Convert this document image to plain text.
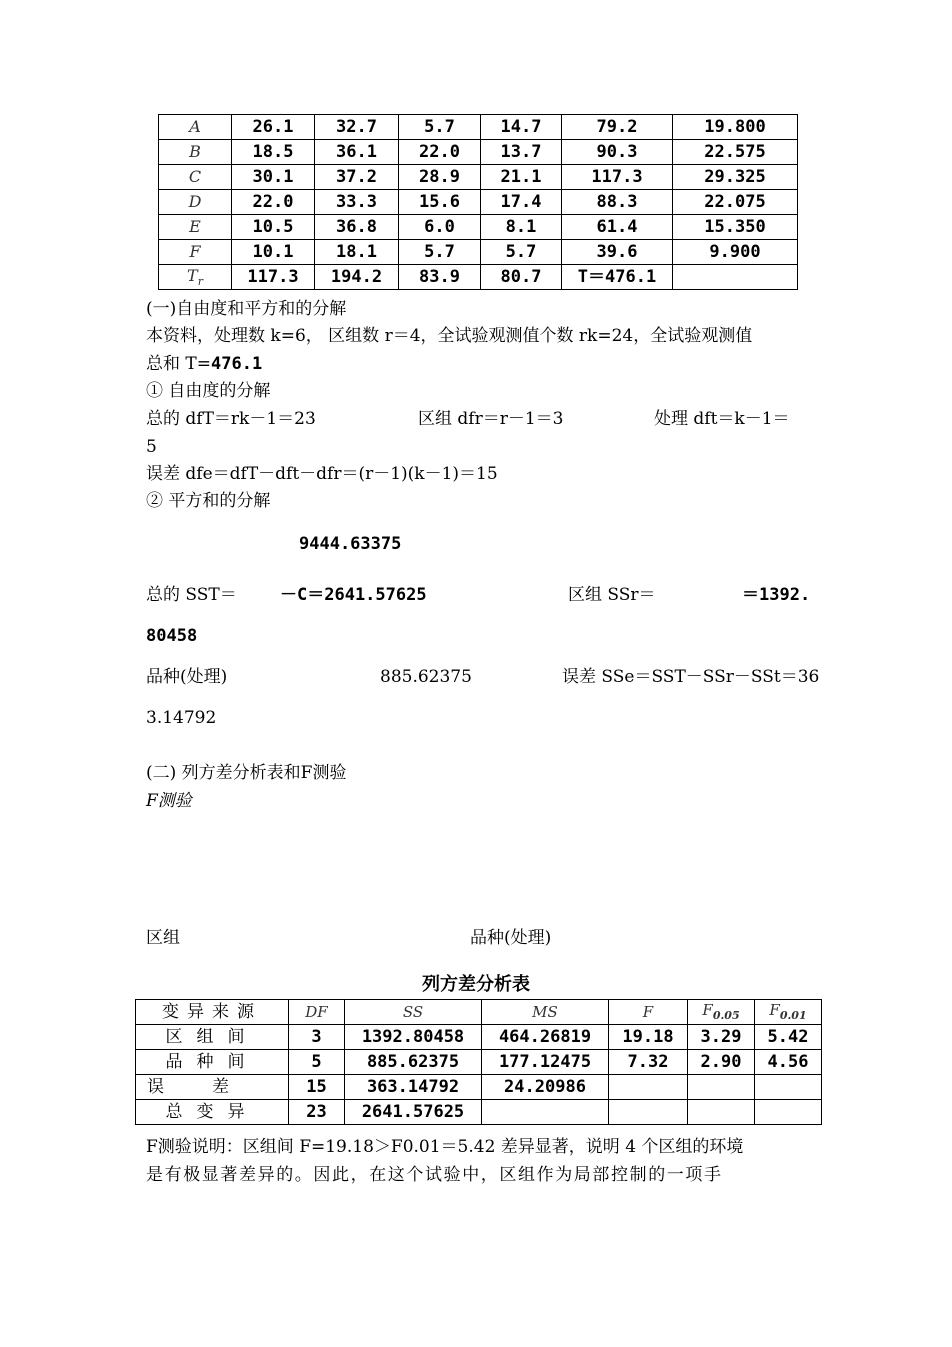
A	26.1	32.7	5.7	14.7	79.2	19.800
B	18.5	36.1	22.0	13.7	90.3	22.575
C	30.1	37.2	28.9	21.1	117.3	29.325
D	22.0	33.3	15.6	17.4	88.3	22.075
E	10.5	36.8	6.0	8.1	61.4	15.350
F	10.1	18.1	5.7	5.7	39.6	9.900
$T_r$	117.3	194.2	83.9	80.7	T＝476.1	
(一)自由度和平方和的分解
本资料，处理数 k=6， 区组数 r＝4，全试验观测值个数 rk=24，全试验观测值
总和 T=476.1
① 自由度的分解
总的 dfT＝rk－1＝23	区组 dfr＝r－1＝3	处理 dft＝k－1＝
5
误差 dfe＝dfT－dft－dfr＝(r－1)(k－1)＝15
② 平方和的分解
9444.63375
总的 SST＝	－C＝2641.57625	区组 SSr＝	＝1392.
80458
品种(处理)	885.62375	误差 SSe＝SST－SSr－SSt＝36
3.14792
(二) 列方差分析表和F测验
F测验
区组	品种(处理)
列方差分析表
变异来源	DF	SS	MS	F	$F_{0.05}$	$F_{0.01}$
区组间	3	1392.80458	464.26819	19.18	3.29	5.42
品种间	5	885.62375	177.12475	7.32	2.90	4.56
误差	15	363.14792	24.20986			
总变异	23	2641.57625				
F测验说明：区组间 F=19.18＞F0.01＝5.42 差异显著，说明 4 个区组的环境
是有极显著差异的。因此，在这个试验中，区组作为局部控制的一项手
